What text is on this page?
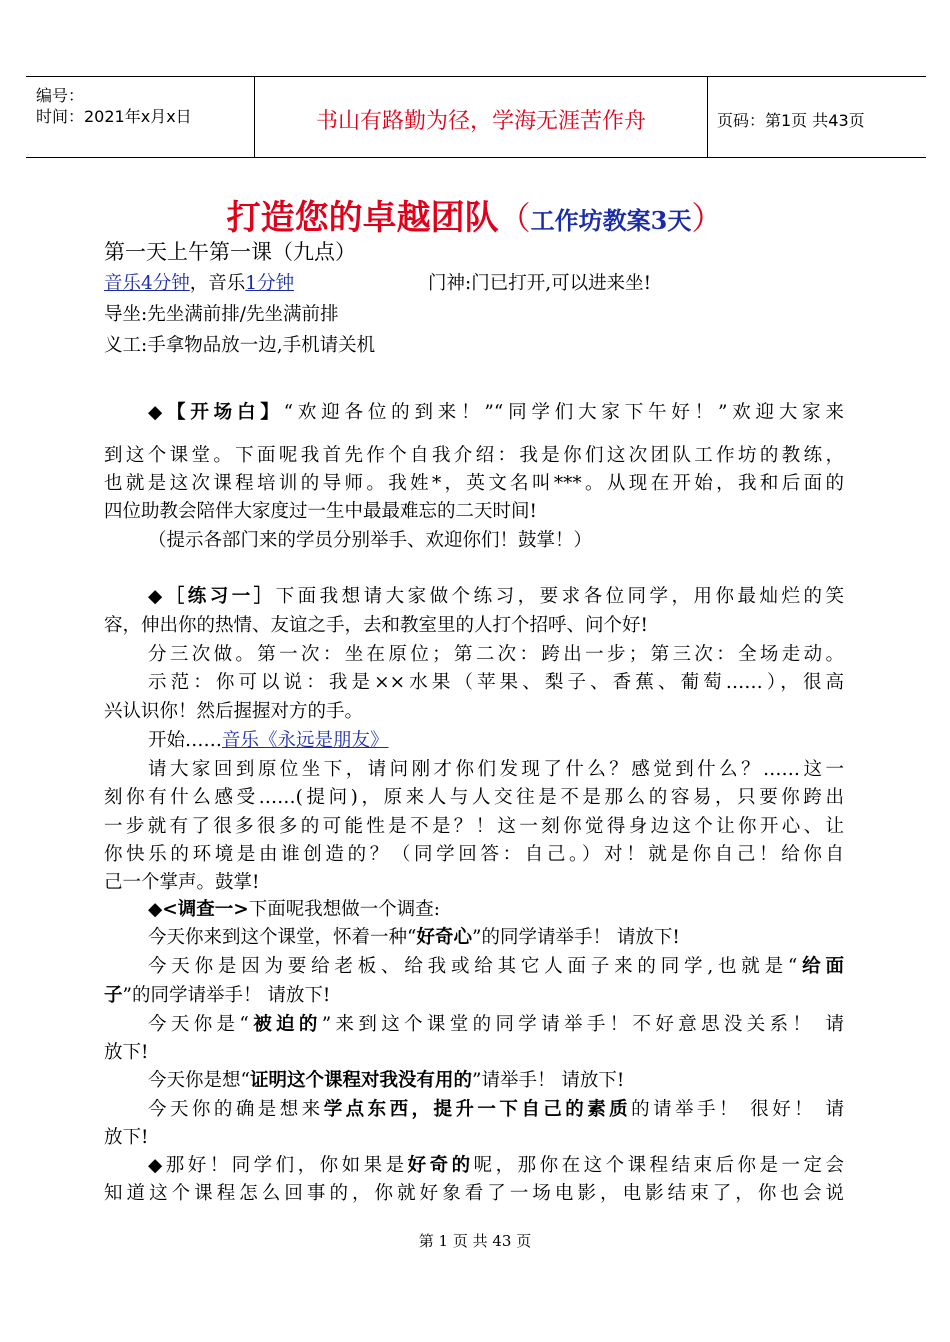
编号：
时间：2021年x月x日	书山有路勤为径，学海无涯苦作舟	页码：第1页 共43页
打造您的卓越团队（工作坊教案3天）
第一天上午第一课（九点）
音乐4分钟，音乐1分钟	门神:门已打开,可以进来坐!
导坐:先坐满前排/先坐满前排
义工:手拿物品放一边,手机请关机
◆【开场白】“欢迎各位的到来！”“同学们大家下午好！”欢迎大家来
到这个课堂。下面呢我首先作个自我介绍：我是你们这次团队工作坊的教练，
也就是这次课程培训的导师。我姓*，英文名叫***。从现在开始，我和后面的
四位助教会陪伴大家度过一生中最最难忘的二天时间!
（提示各部门来的学员分别举手、欢迎你们！鼓掌！）
◆［练习一］下面我想请大家做个练习，要求各位同学，用你最灿烂的笑
容，伸出你的热情、友谊之手，去和教室里的人打个招呼、问个好!
分三次做。第一次：坐在原位；第二次：跨出一步；第三次：全场走动。
示范：你可以说：我是××水果（苹果、梨子、香蕉、葡萄……），很高
兴认识你！然后握握对方的手。
开始……音乐《永远是朋友》
请大家回到原位坐下，请问刚才你们发现了什么？感觉到什么？……这一
刻你有什么感受……(提问)，原来人与人交往是不是那么的容易，只要你跨出
一步就有了很多很多的可能性是不是？！这一刻你觉得身边这个让你开心、让
你快乐的环境是由谁创造的？（同学回答：自己。）对！就是你自己！给你自
己一个掌声。鼓掌!
◆<调查一>下面呢我想做一个调查:
今天你来到这个课堂，怀着一种“好奇心”的同学请举手！ 请放下!
今天你是因为要给老板、给我或给其它人面子来的同学,也就是“给面
子”的同学请举手！ 请放下!
今天你是“被迫的”来到这个课堂的同学请举手！不好意思没关系！ 请
放下!
今天你是想“证明这个课程对我没有用的”请举手！ 请放下!
今天你的确是想来学点东西，提升一下自己的素质的请举手！ 很好！ 请
放下!
◆那好！同学们，你如果是好奇的呢，那你在这个课程结束后你是一定会
知道这个课程怎么回事的，你就好象看了一场电影，电影结束了，你也会说
第 1 页 共 43 页
